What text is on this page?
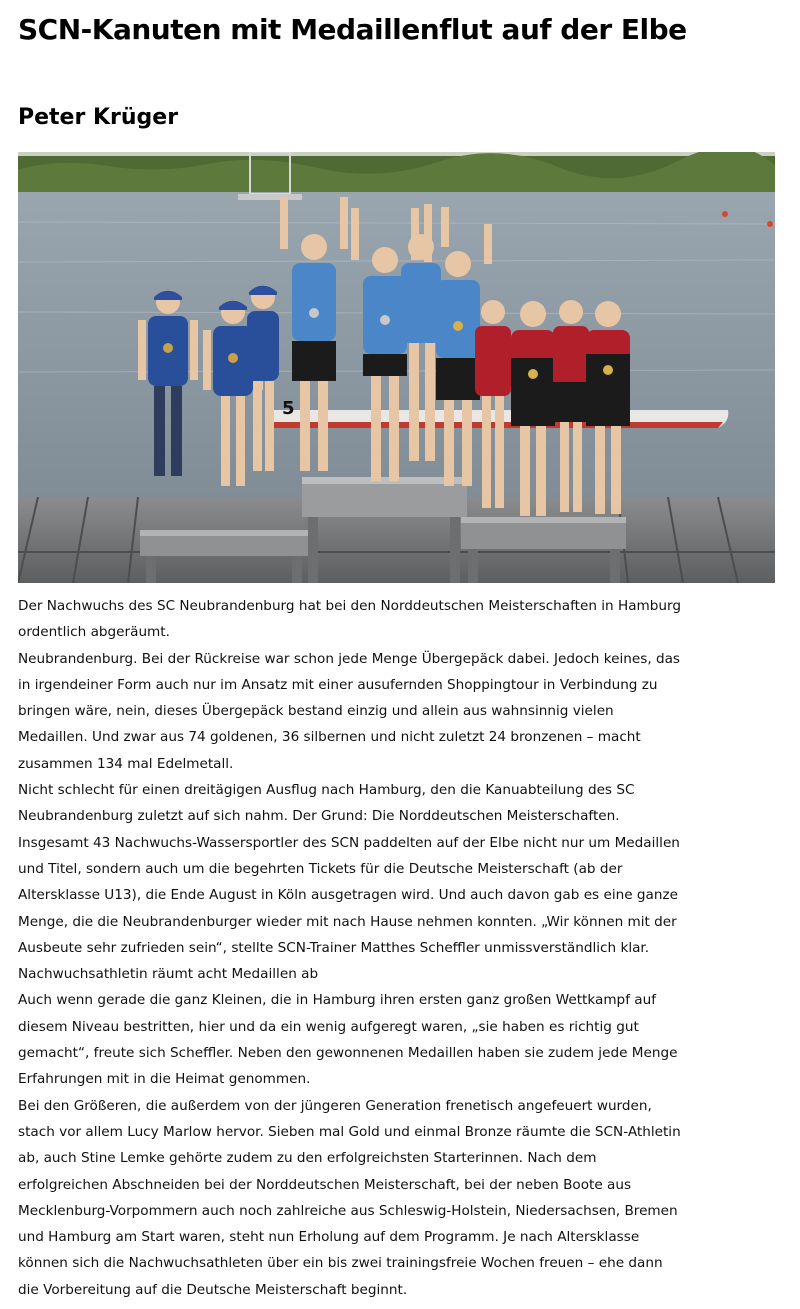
SCN-Kanuten mit Medaillenflut auf der Elbe
Peter Krüger
5

Der Nachwuchs des SC Neubrandenburg hat bei den Norddeutschen Meisterschaften in Hamburg ordentlich abgeräumt.

Neubrandenburg. Bei der Rückreise war schon jede Menge Übergepäck dabei. Jedoch keines, das in irgendeiner Form auch nur im Ansatz mit einer ausufernden Shoppingtour in Verbindung zu bringen wäre, nein, dieses Übergepäck bestand einzig und allein aus wahnsinnig vielen Medaillen. Und zwar aus 74 goldenen, 36 silbernen und nicht zuletzt 24 bronzenen – macht zusammen 134 mal Edelmetall.

Nicht schlecht für einen dreitägigen Ausflug nach Hamburg, den die Kanuabteilung des SC Neubrandenburg zuletzt auf sich nahm. Der Grund: Die Norddeutschen Meisterschaften. Insgesamt 43 Nachwuchs-Wassersportler des SCN paddelten auf der Elbe nicht nur um Medaillen und Titel, sondern auch um die begehrten Tickets für die Deutsche Meisterschaft (ab der Altersklasse U13), die Ende August in Köln ausgetragen wird. Und auch davon gab es eine ganze Menge, die die Neubrandenburger wieder mit nach Hause nehmen konnten. „Wir können mit der Ausbeute sehr zufrieden sein“, stellte SCN-Trainer Matthes Scheffler unmissverständlich klar.

Nachwuchsathletin räumt acht Medaillen ab

Auch wenn gerade die ganz Kleinen, die in Hamburg ihren ersten ganz großen Wettkampf auf diesem Niveau bestritten, hier und da ein wenig aufgeregt waren, „sie haben es richtig gut gemacht“, freute sich Scheffler. Neben den gewonnenen Medaillen haben sie zudem jede Menge Erfahrungen mit in die Heimat genommen.

Bei den Größeren, die außerdem von der jüngeren Generation frenetisch angefeuert wurden, stach vor allem Lucy Marlow hervor. Sieben mal Gold und einmal Bronze räumte die SCN-Athletin ab, auch Stine Lemke gehörte zudem zu den erfolgreichsten Starterinnen. Nach dem erfolgreichen Abschneiden bei der Norddeutschen Meisterschaft, bei der neben Boote aus Mecklenburg-Vorpommern auch noch zahlreiche aus Schleswig-Holstein, Niedersachsen, Bremen und Hamburg am Start waren, steht nun Erholung auf dem Programm. Je nach Altersklasse können sich die Nachwuchsathleten über ein bis zwei trainingsfreie Wochen freuen – ehe dann die Vorbereitung auf die Deutsche Meisterschaft beginnt.
